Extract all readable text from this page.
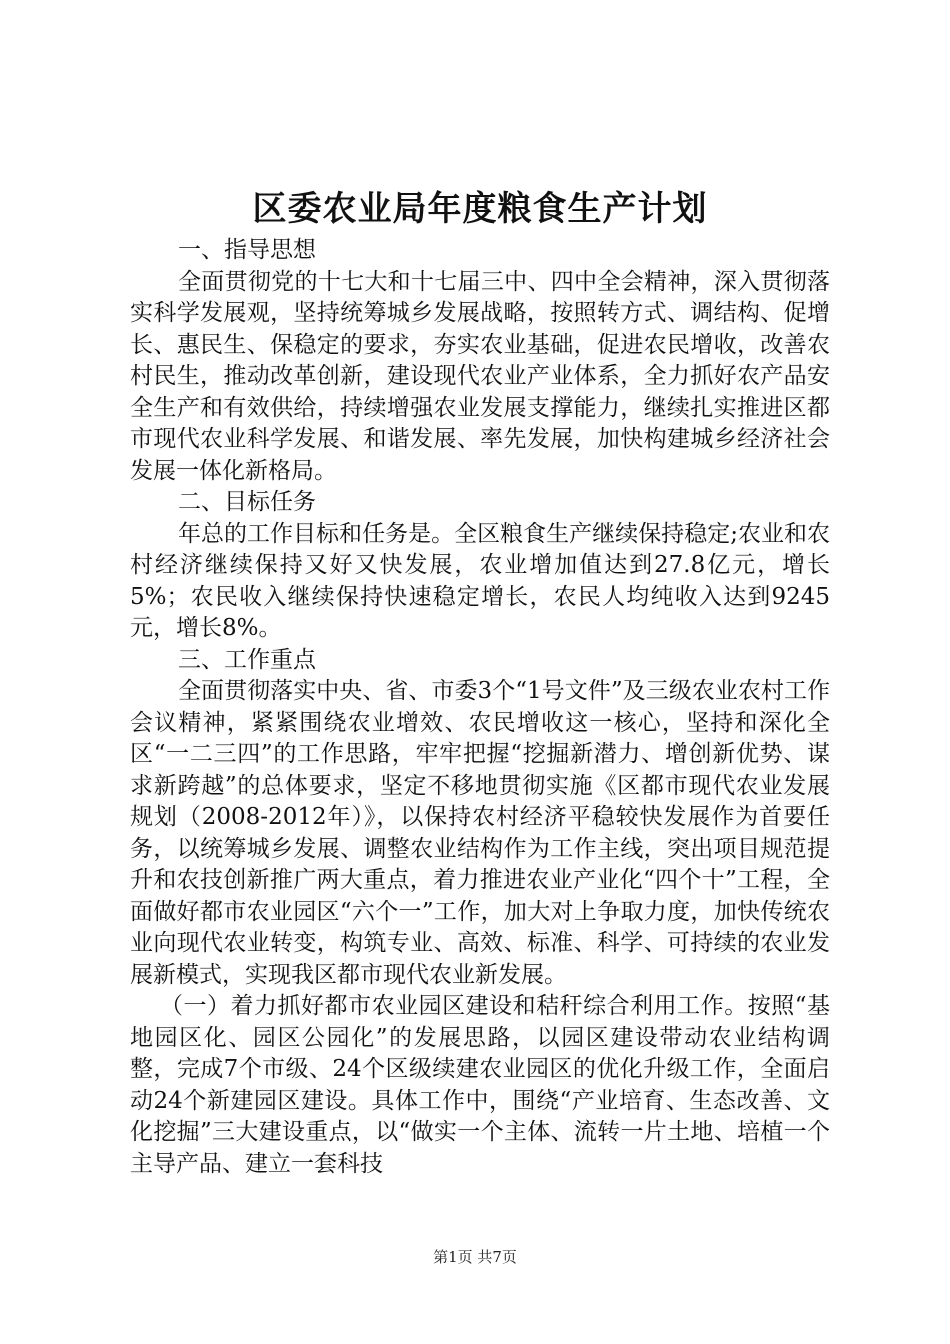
区委农业局年度粮食生产计划

一、指导思想

全面贯彻党的十七大和十七届三中、四中全会精神，深入贯彻落实科学发展观，坚持统筹城乡发展战略，按照转方式、调结构、促增长、惠民生、保稳定的要求，夯实农业基础，促进农民增收，改善农村民生，推动改革创新，建设现代农业产业体系，全力抓好农产品安全生产和有效供给，持续增强农业发展支撑能力，继续扎实推进区都市现代农业科学发展、和谐发展、率先发展，加快构建城乡经济社会发展一体化新格局。

二、目标任务

年总的工作目标和任务是。全区粮食生产继续保持稳定;农业和农村经济继续保持又好又快发展，农业增加值达到27.8亿元，增长5%；农民收入继续保持快速稳定增长，农民人均纯收入达到9245元，增长8%。

三、工作重点

全面贯彻落实中央、省、市委3个“1号文件”及三级农业农村工作会议精神，紧紧围绕农业增效、农民增收这一核心，坚持和深化全区“一二三四”的工作思路，牢牢把握“挖掘新潜力、增创新优势、谋求新跨越”的总体要求，坚定不移地贯彻实施《区都市现代农业发展规划（2008-2012年）》，以保持农村经济平稳较快发展作为首要任务，以统筹城乡发展、调整农业结构作为工作主线，突出项目规范提升和农技创新推广两大重点，着力推进农业产业化“四个十”工程，全面做好都市农业园区“六个一”工作，加大对上争取力度，加快传统农业向现代农业转变，构筑专业、高效、标准、科学、可持续的农业发展新模式，实现我区都市现代农业新发展。

（一）着力抓好都市农业园区建设和秸秆综合利用工作。按照“基地园区化、园区公园化”的发展思路，以园区建设带动农业结构调整，完成7个市级、24个区级续建农业园区的优化升级工作，全面启动24个新建园区建设。具体工作中，围绕“产业培育、生态改善、文化挖掘”三大建设重点，以“做实一个主体、流转一片土地、培植一个主导产品、建立一套科技

第1页 共7页
